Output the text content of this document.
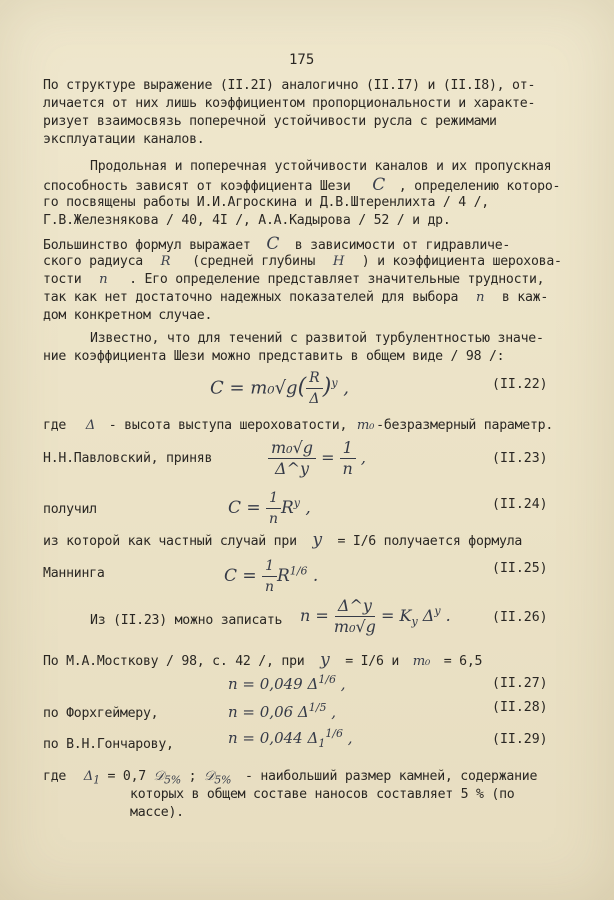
175
По структуре выражение (II.2I) аналогично (II.I7) и (II.I8), от-
личается от них лишь коэффициентом пропорциональности и характе-
ризует взаимосвязь поперечной устойчивости русла с режимами
эксплуатации каналов.
Продольная и поперечная устойчивости каналов и их пропускная
способность зависят от коэффициента Шези C , определению которо-
го посвящены работы И.И.Агроскина и Д.В.Штеренлихта / 4 /,
Г.В.Железнякова / 40, 4I /, А.А.Кадырова / 52 / и др.
Большинство формул выражает C в зависимости от гидравличе-
ского радиуса R (средней глубины H ) и коэффициента шерохова-
тости n . Его определение представляет значительные трудности,
так как нет достаточно надежных показателей для выбора n в каж-
дом конкретном случае.
Известно, что для течений с развитой турбулентностью значе-
ние коэффициента Шези можно представить в общем виде / 98 /:
$C = m_0√g( \frac{R}{\Delta} )^y$ ,	(II.22)
где Δ - высота выступа шероховатости, m₀ -безразмерный параметр.
Н.Н.Павловский, приняв	$\frac{\text{m₀√g}}{\Delta\^{}y} = \frac{1}{n}$ ,	(II.23)
получил	$C = \frac{1}{n} R^y$ ,	(II.24)
из которой как частный случай при y = I/6 получается формула
Маннинга	$C = \frac{1}{n} R^{1/6}$ .	(II.25)
Из (II.23) можно записать $n = \frac{\Delta\^{}y}{\text{m₀√g}} = K_y$ $\Delta^y$ .	(II.26)
По М.А.Мосткову / 98, с. 42 /, при y = I/6 и m₀ = 6,5
n = 0,049 $\Delta^{1/6}$ ,	(II.27)
по Форхгеймеру,	n = 0,06 $\Delta^{1/5}$ ,	(II.28)
по В.Н.Гончарову,	n = 0,044 $\Delta_1^{1/6}$ ,	(II.29)
где $\Delta_1 = 0,7$ 𝒟$_{5\%}$ ; 𝒟$_{5\%}$ - наибольший размер камней, содержание
которых в общем составе наносов составляет 5 % (по
массе).
